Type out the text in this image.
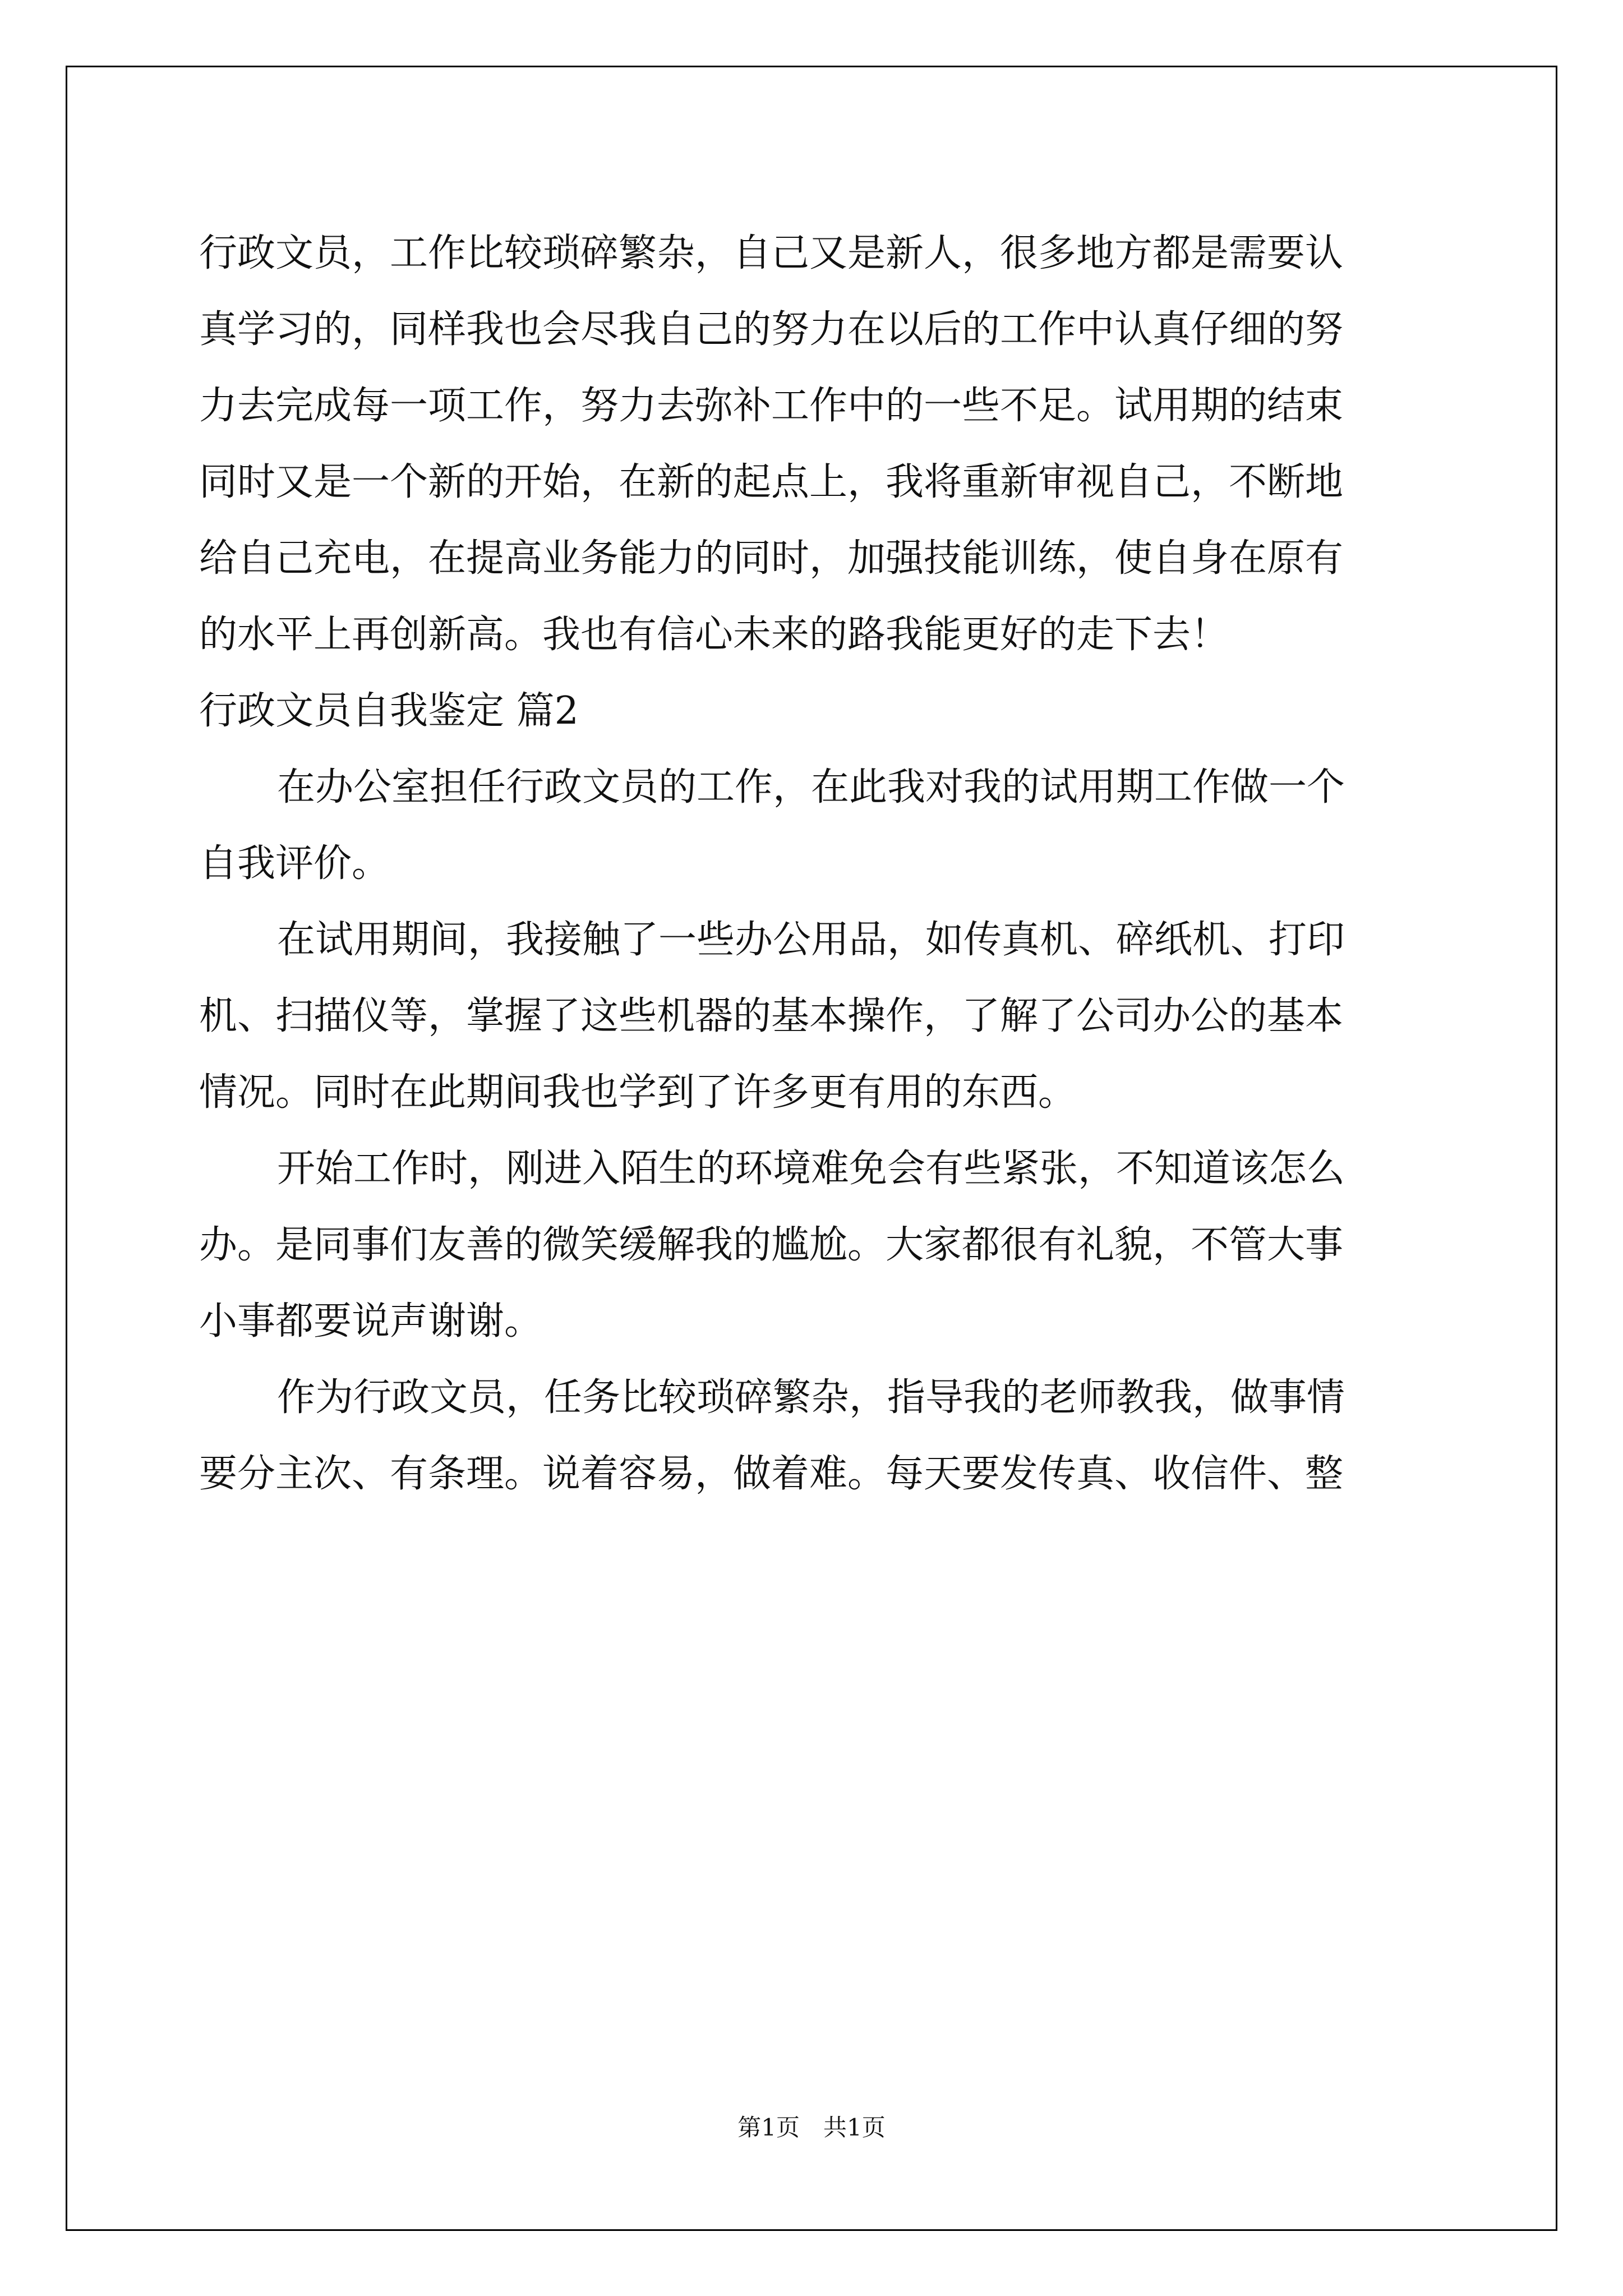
行政文员，工作比较琐碎繁杂，自己又是新人，很多地方都是需要认
真学习的，同样我也会尽我自己的努力在以后的工作中认真仔细的努
力去完成每一项工作，努力去弥补工作中的一些不足。试用期的结束
同时又是一个新的开始，在新的起点上，我将重新审视自己，不断地
给自己充电，在提高业务能力的同时，加强技能训练，使自身在原有
的水平上再创新高。我也有信心未来的路我能更好的走下去！
行政文员自我鉴定 篇2
在办公室担任行政文员的工作，在此我对我的试用期工作做一个
自我评价。
在试用期间，我接触了一些办公用品，如传真机、碎纸机、打印
机、扫描仪等，掌握了这些机器的基本操作，了解了公司办公的基本
情况。同时在此期间我也学到了许多更有用的东西。
开始工作时，刚进入陌生的环境难免会有些紧张，不知道该怎么
办。是同事们友善的微笑缓解我的尴尬。大家都很有礼貌，不管大事
小事都要说声谢谢。
作为行政文员，任务比较琐碎繁杂，指导我的老师教我，做事情
要分主次、有条理。说着容易，做着难。每天要发传真、收信件、整
第1页　共1页
